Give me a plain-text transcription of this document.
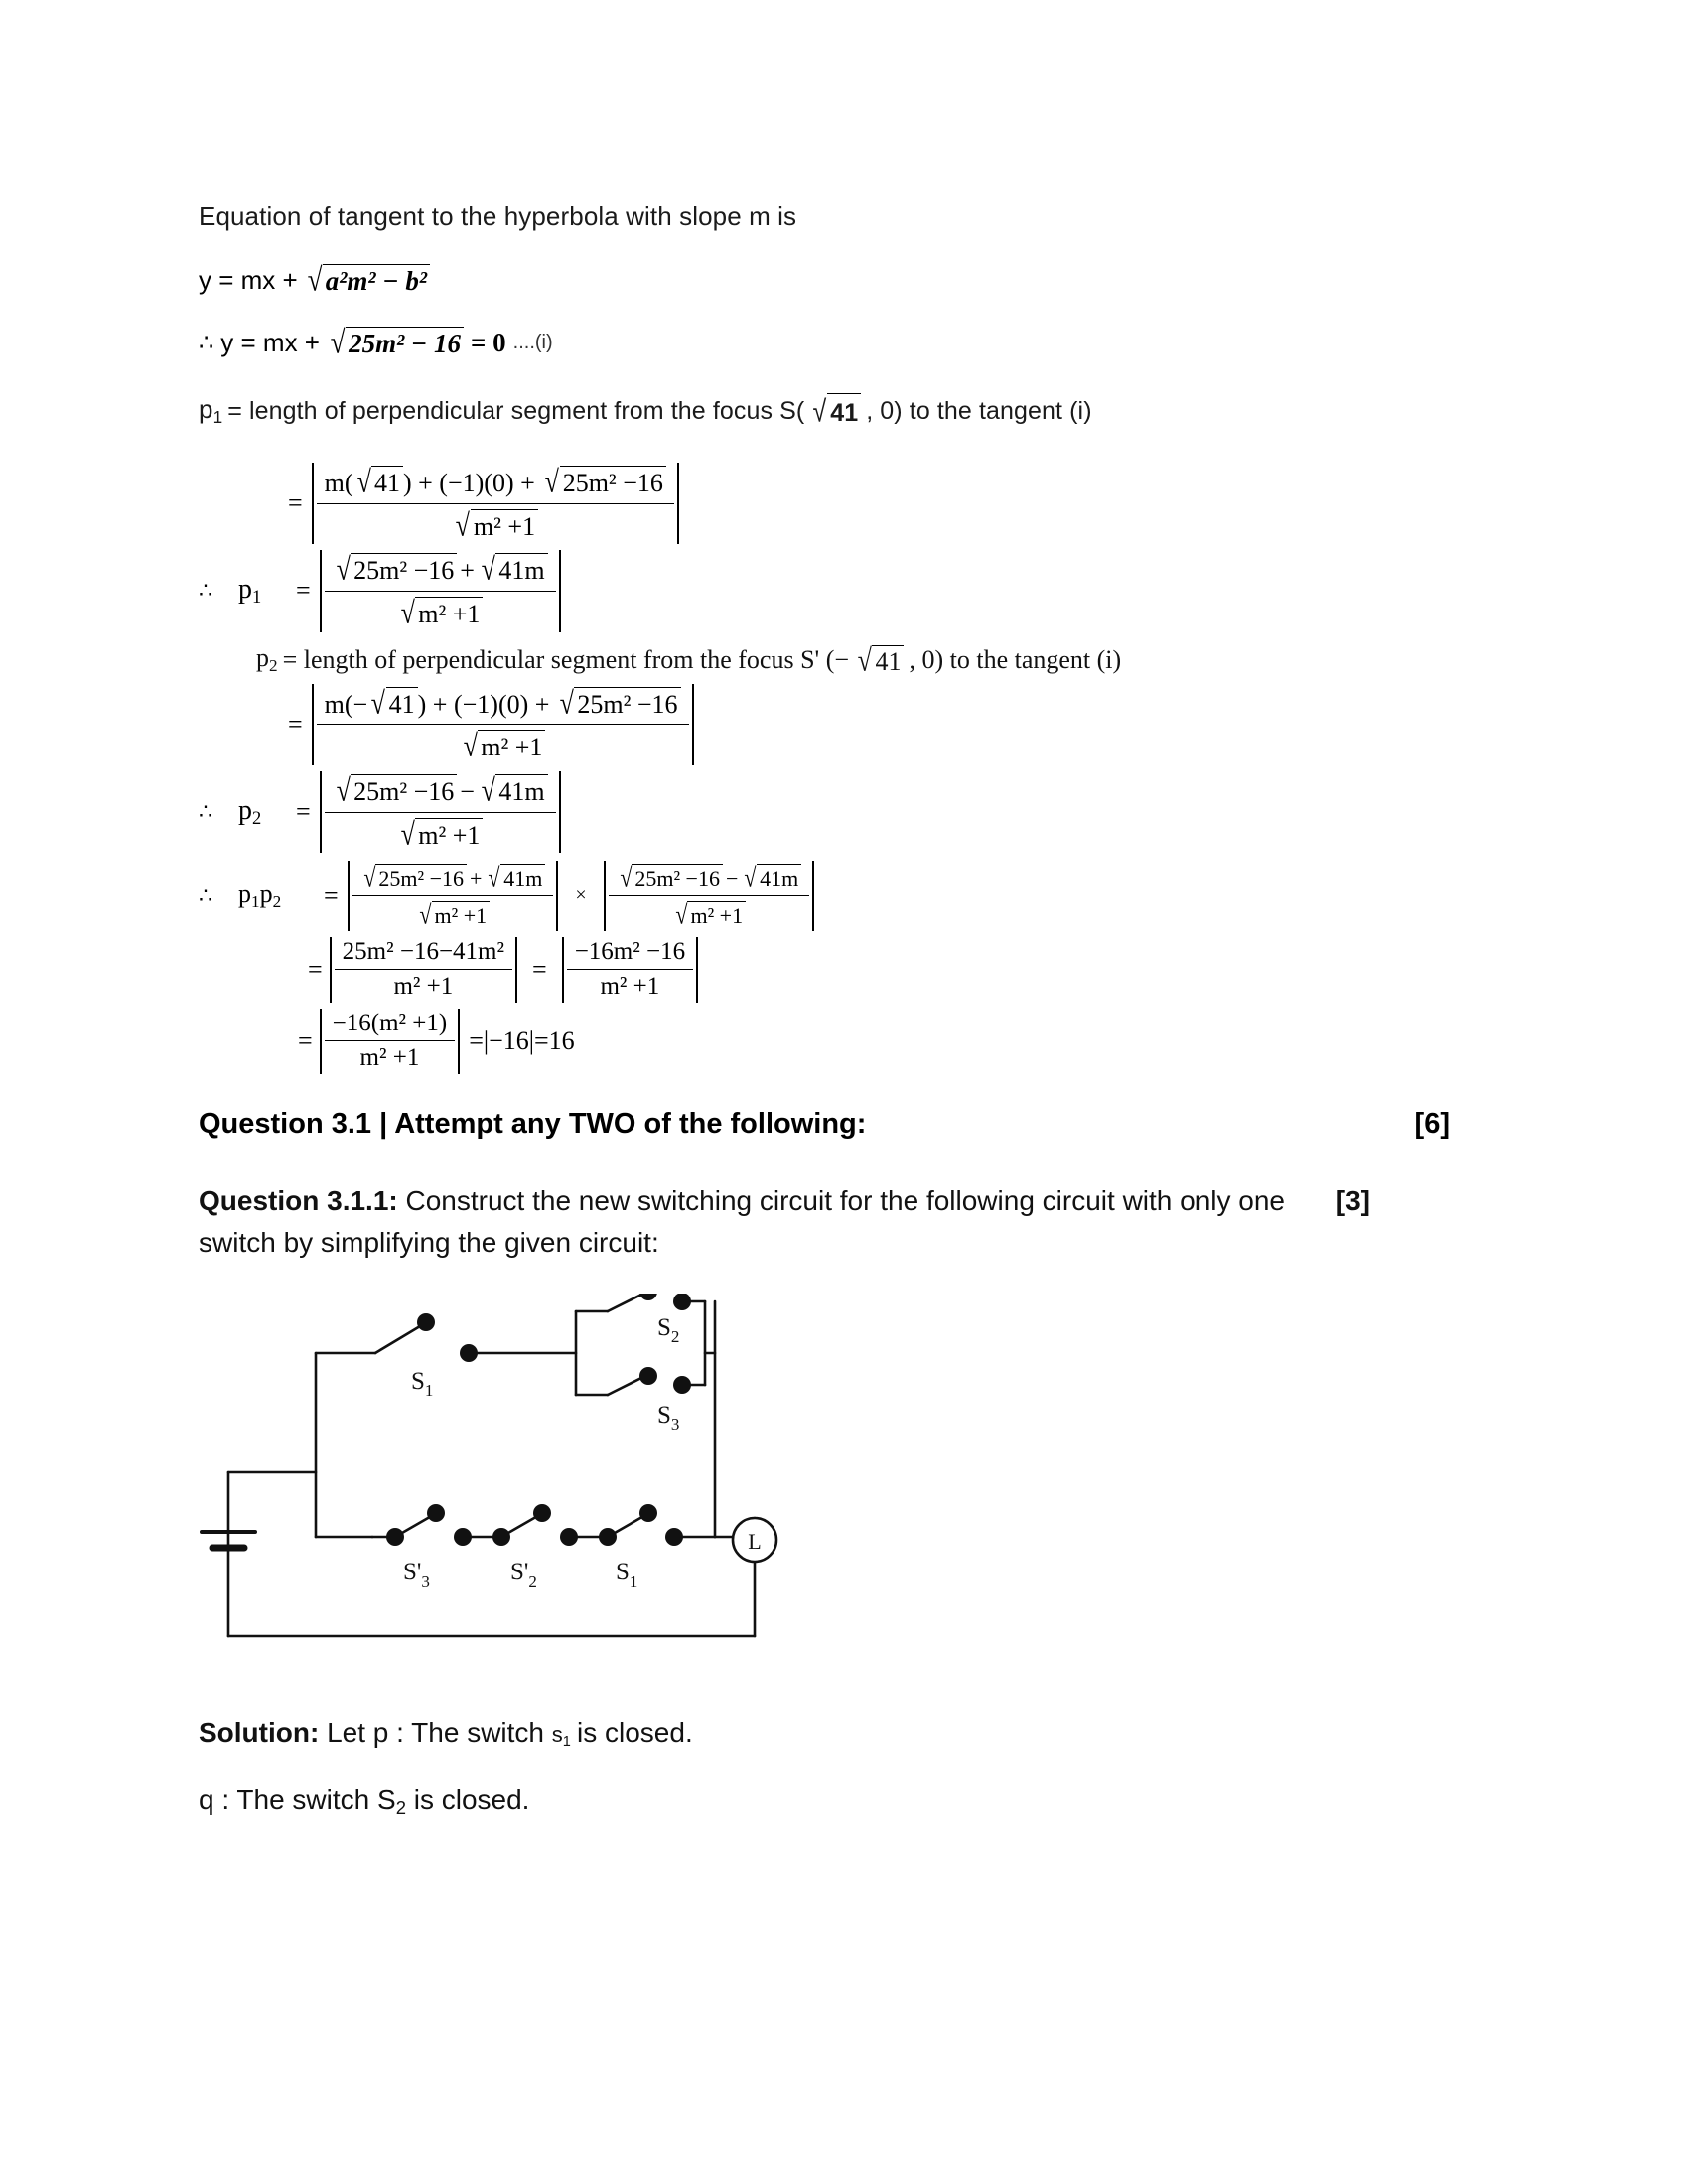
Equation of tangent to the hyperbola with slope m is
y = mx + √ a²m² − b²
∴ y = mx + √ 25m² − 16 = 0 ....(i)
$p_1$ = length of perpendicular segment from the focus S( √ 41 , 0) to the tangent (i)
= $\frac{\text{m( √ 41 ) + (−1)(0) + √ 25m² −16}}{\text{√ m² +1}}$
∴ $p_1$	= $\frac{\text{√ 25m² −16 + √ 41m}}{\text{√ m² +1}}$
$p_2$ = length of perpendicular segment from the focus S' (− √ 41 , 0) to the tangent (i)
= $\frac{\text{m(− √ 41 ) + (−1)(0) + √ 25m² −16}}{\text{√ m² +1}}$
∴ $p_2$	= $\frac{\text{√ 25m² −16 − √ 41m}}{\text{√ m² +1}}$
∴	$p_1p_2$	= $\frac{\text{√ 25m² −16 + √ 41m}}{\text{√ m² +1}}$	× $\frac{\text{√ 25m² −16 − √ 41m}}{\text{√ m² +1}}$
= $\frac{\text{25m² −16−41m²}}{\text{m² +1}} = \frac{\text{−16m² −16}}{\text{m² +1}}$
= $\frac{\text{−16(m² +1)}}{\text{m² +1}} =|-16|=16$
Question 3.1 | Attempt any TWO of the following:	[6]
[3]
Question 3.1.1: Construct the new switching circuit for the following circuit with only one switch by simplifying the given circuit:
L
$S_1$
$S_2$
$S_3$
$S'_3$	$S'_2$	$S_1$
Solution: Let p : The switch $s_1$ is closed.
q : The switch $S_2$ is closed.
